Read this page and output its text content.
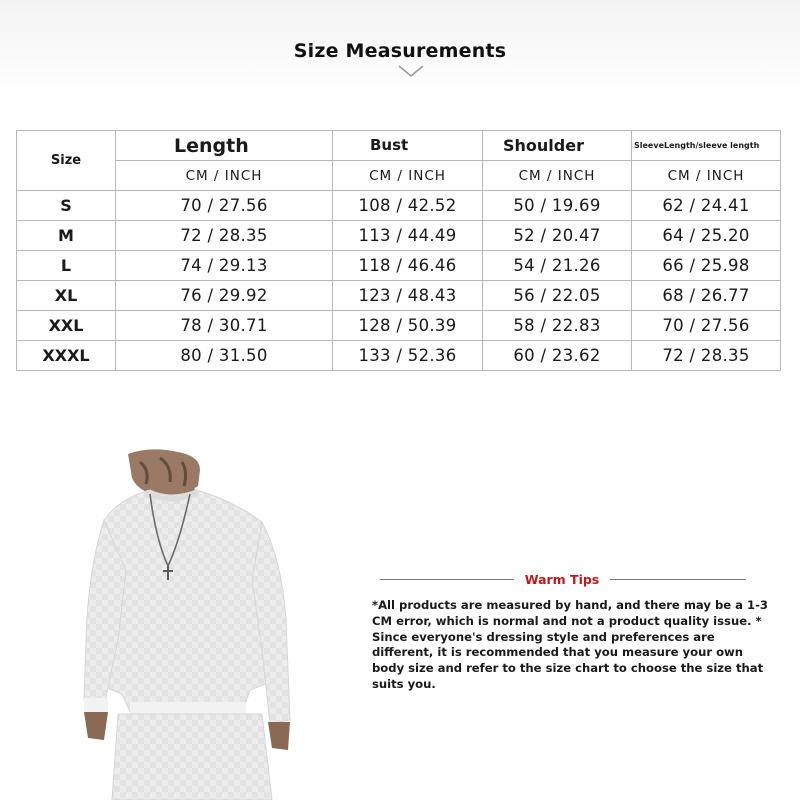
Size Measurements
Size	Length	Bust	Shoulder	SleeveLength/sleeve length
	CM / INCH	CM / INCH	CM / INCH	CM / INCH
S	70 / 27.56	108 / 42.52	50 / 19.69	62 / 24.41
M	72 / 28.35	113 / 44.49	52 / 20.47	64 / 25.20
L	74 / 29.13	118 / 46.46	54 / 21.26	66 / 25.98
XL	76 / 29.92	123 / 48.43	56 / 22.05	68 / 26.77
XXL	78 / 30.71	128 / 50.39	58 / 22.83	70 / 27.56
XXXL	80 / 31.50	133 / 52.36	60 / 23.62	72 / 28.35
Warm Tips
*All products are measured by hand, and there may be a 1-3 CM error, which is normal and not a product quality issue. * Since everyone's dressing style and preferences are different, it is recommended that you measure your own body size and refer to the size chart to choose the size that suits you.
